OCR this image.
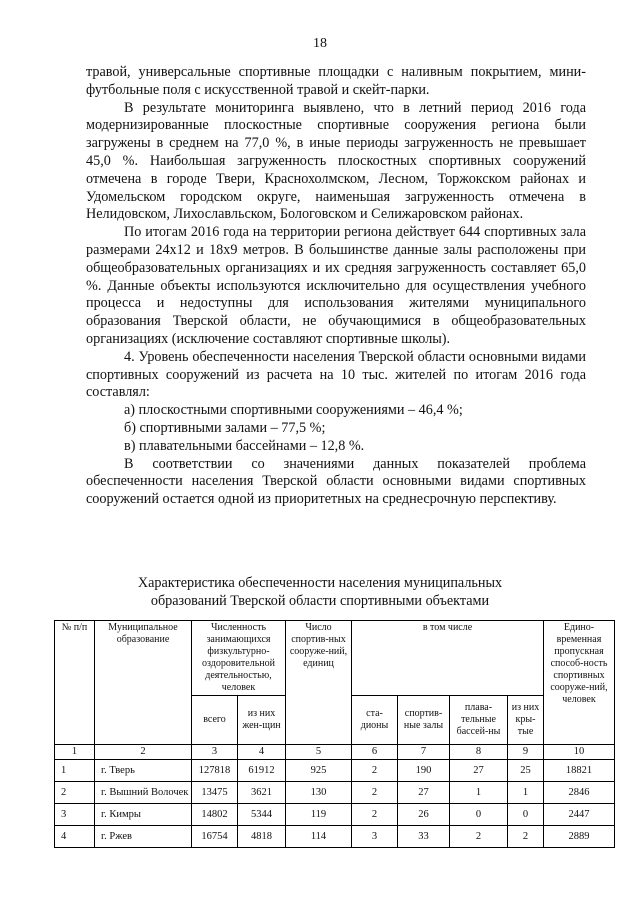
18

травой, универсальные спортивные площадки с наливным покрытием, мини-футбольные поля с искусственной травой и скейт-парки.

В результате мониторинга выявлено, что в летний период 2016 года модернизированные плоскостные спортивные сооружения региона были загружены в среднем на 77,0 %, в иные периоды загруженность не превышает 45,0 %. Наибольшая загруженность плоскостных спортивных сооружений отмечена в городе Твери, Краснохолмском, Лесном, Торжокском районах и Удомельском городском округе, наименьшая загруженность отмечена в Нелидовском, Лихославльском, Бологовском и Селижаровском районах.

По итогам 2016 года на территории региона действует 644 спортивных зала размерами 24х12 и 18х9 метров. В большинстве данные залы расположены при общеобразовательных организациях и их средняя загруженность составляет 65,0 %. Данные объекты используются исключительно для осуществления учебного процесса и недоступны для использования жителями муниципального образования Тверской области, не обучающимися в общеобразовательных организациях (исключение составляют спортивные школы).

4. Уровень обеспеченности населения Тверской области основными видами спортивных сооружений из расчета на 10 тыс. жителей по итогам 2016 года составлял:

а) плоскостными спортивными сооружениями – 46,4 %;

б) спортивными залами – 77,5 %;

в) плавательными бассейнами – 12,8 %.

В соответствии со значениями данных показателей проблема обеспеченности населения Тверской области основными видами спортивных сооружений остается одной из приоритетных на среднесрочную перспективу.

Характеристика обеспеченности населения муниципальных
образований Тверской области спортивными объектами
№ п/п	Муниципальное образование	Численность занимающихся физкультурно-оздоровительной деятельностью, человек		Число спортив-ных сооруже-ний, единиц	в том числе				Едино-временная пропускная способ-ность спортивных сооруже-ний, человек
		всего	из них жен-щин		ста-дионы	спортив-ные залы	плава-тельные бассей-ны	из них кры-тые	
1	2	3	4	5	6	7	8	9	10
1	г. Тверь	127818	61912	925	2	190	27	25	18821
2	г. Вышний Волочек	13475	3621	130	2	27	1	1	2846
3	г. Кимры	14802	5344	119	2	26	0	0	2447
4	г. Ржев	16754	4818	114	3	33	2	2	2889
